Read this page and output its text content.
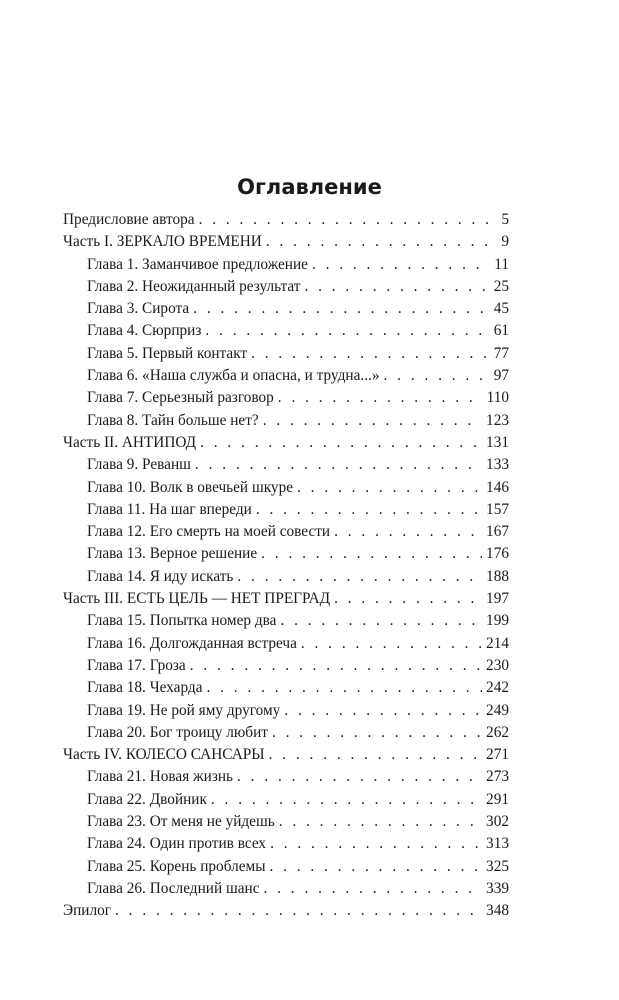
Оглавление
Предисловие автора . . .	5
Часть I. ЗЕРКАЛО ВРЕМЕНИ . . .	9
Глава 1. Заманчивое предложение . . .	11
Глава 2. Неожиданный результат . . .	25
Глава 3. Сирота . . .	45
Глава 4. Сюрприз . . .	61
Глава 5. Первый контакт . . .	77
Глава 6. «Наша служба и опасна, и трудна...» . . .	97
Глава 7. Серьезный разговор . . .	110
Глава 8. Тайн больше нет? . . .	123
Часть II. АНТИПОД . . .	131
Глава 9. Реванш . . .	133
Глава 10. Волк в овечьей шкуре . . .	146
Глава 11. На шаг впереди . . .	157
Глава 12. Его смерть на моей совести . . .	167
Глава 13. Верное решение . . .	176
Глава 14. Я иду искать . . .	188
Часть III. ЕСТЬ ЦЕЛЬ — НЕТ ПРЕГРАД . . .	197
Глава 15. Попытка номер два . . .	199
Глава 16. Долгожданная встреча . . .	214
Глава 17. Гроза . . .	230
Глава 18. Чехарда . . .	242
Глава 19. Не рой яму другому . . .	249
Глава 20. Бог троицу любит . . .	262
Часть IV. КОЛЕСО САНСАРЫ . . .	271
Глава 21. Новая жизнь . . .	273
Глава 22. Двойник . . .	291
Глава 23. От меня не уйдешь . . .	302
Глава 24. Один против всех . . .	313
Глава 25. Корень проблемы . . .	325
Глава 26. Последний шанс . . .	339
Эпилог . . .	348
